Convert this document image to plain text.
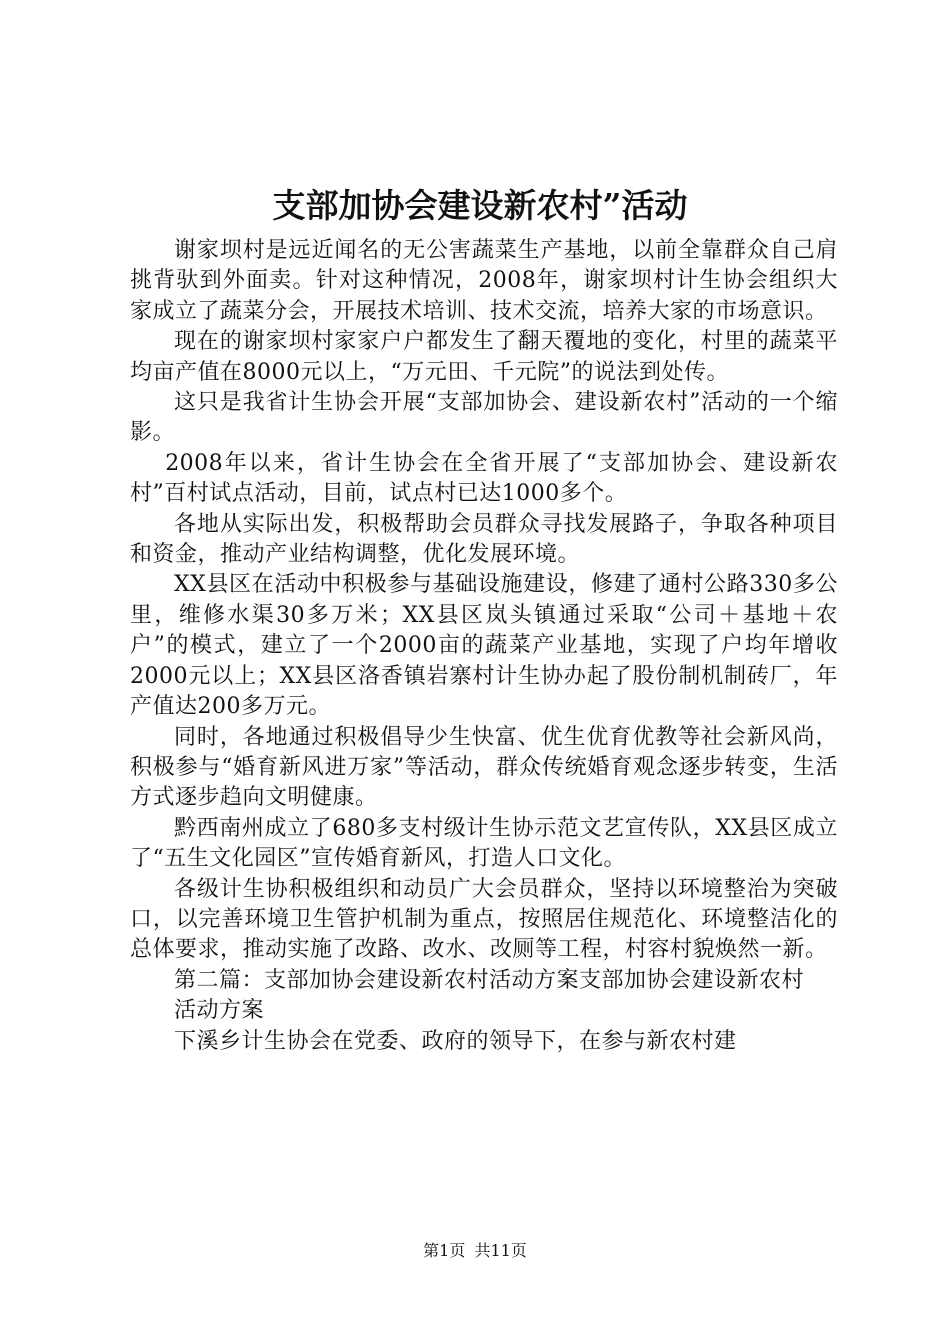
支部加协会建设新农村”活动

谢家坝村是远近闻名的无公害蔬菜生产基地，以前全靠群众自己肩挑背驮到外面卖。针对这种情况，2008年，谢家坝村计生协会组织大家成立了蔬菜分会，开展技术培训、技术交流，培养大家的市场意识。

现在的谢家坝村家家户户都发生了翻天覆地的变化，村里的蔬菜平均亩产值在8000元以上，“万元田、千元院”的说法到处传。

这只是我省计生协会开展“支部加协会、建设新农村”活动的一个缩影。

2008年以来，省计生协会在全省开展了“支部加协会、建设新农村”百村试点活动，目前，试点村已达1000多个。

各地从实际出发，积极帮助会员群众寻找发展路子，争取各种项目和资金，推动产业结构调整，优化发展环境。

XX县区在活动中积极参与基础设施建设，修建了通村公路330多公里，维修水渠30多万米；XX县区岚头镇通过采取“公司＋基地＋农户”的模式，建立了一个2000亩的蔬菜产业基地，实现了户均年增收2000元以上；XX县区洛香镇岩寨村计生协办起了股份制机制砖厂，年产值达200多万元。

同时，各地通过积极倡导少生快富、优生优育优教等社会新风尚，积极参与“婚育新风进万家”等活动，群众传统婚育观念逐步转变，生活方式逐步趋向文明健康。

黔西南州成立了680多支村级计生协示范文艺宣传队，XX县区成立了“五生文化园区”宣传婚育新风，打造人口文化。

各级计生协积极组织和动员广大会员群众，坚持以环境整治为突破口，以完善环境卫生管护机制为重点，按照居住规范化、环境整洁化的总体要求，推动实施了改路、改水、改厕等工程，村容村貌焕然一新。

第二篇：支部加协会建设新农村活动方案支部加协会建设新农村

活动方案

下溪乡计生协会在党委、政府的领导下，在参与新农村建

第1页 共11页
